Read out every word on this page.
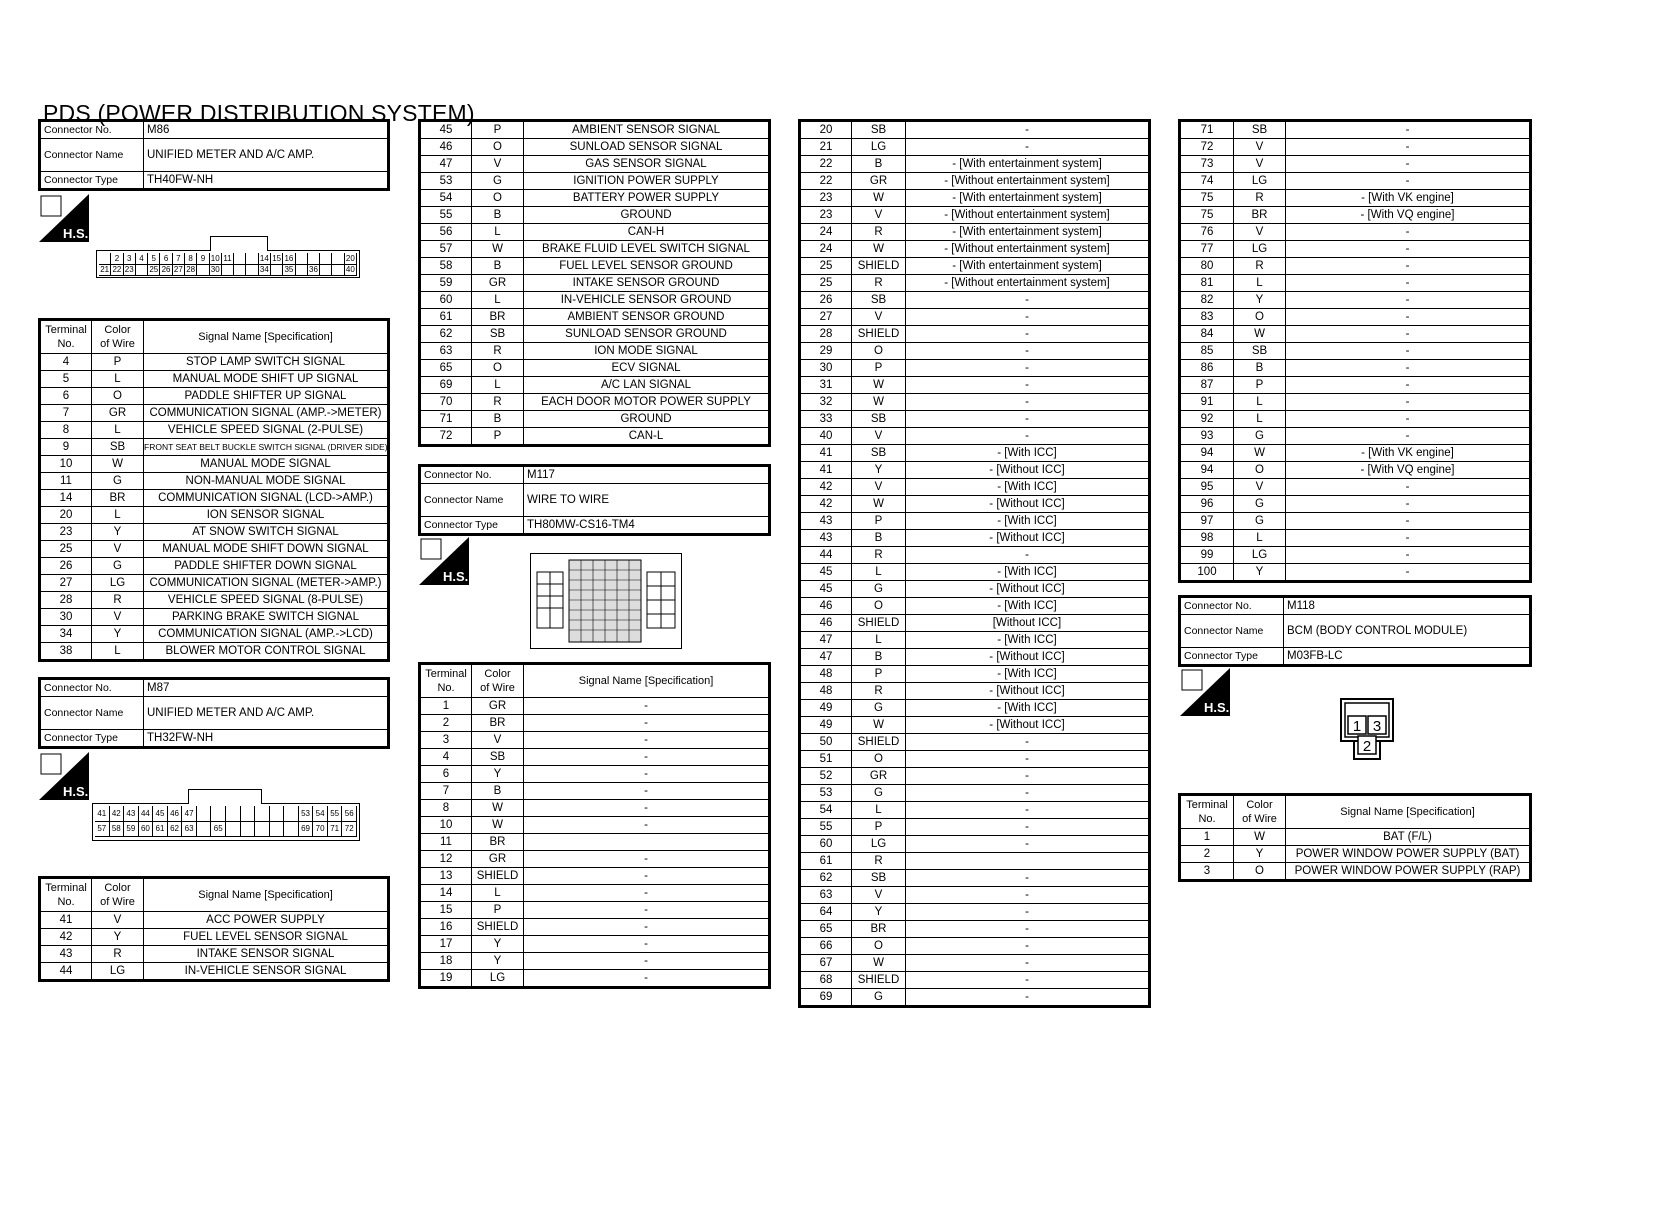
PDS (POWER DISTRIBUTION SYSTEM)
Connector No.	M86
Connector Name	UNIFIED METER AND A/C AMP.
Connector Type	TH40FW-NH
H.S.
2 3 4 5 6 7 8 9 10 11	14 15 16	20
21 22 23 25 26 27 28 30	34 35 36	40
Terminal
No.	Color
of Wire	Signal Name [Specification]
4	P	STOP LAMP SWITCH SIGNAL
5	L	MANUAL MODE SHIFT UP SIGNAL
6	O	PADDLE SHIFTER UP SIGNAL
7	GR	COMMUNICATION SIGNAL (AMP.->METER)
8	L	VEHICLE SPEED SIGNAL (2-PULSE)
9	SB	FRONT SEAT BELT BUCKLE SWITCH SIGNAL (DRIVER SIDE)
10	W	MANUAL MODE SIGNAL
11	G	NON-MANUAL MODE SIGNAL
14	BR	COMMUNICATION SIGNAL (LCD->AMP.)
20	L	ION SENSOR SIGNAL
23	Y	AT SNOW SWITCH SIGNAL
25	V	MANUAL MODE SHIFT DOWN SIGNAL
26	G	PADDLE SHIFTER DOWN SIGNAL
27	LG	COMMUNICATION SIGNAL (METER->AMP.)
28	R	VEHICLE SPEED SIGNAL (8-PULSE)
30	V	PARKING BRAKE SWITCH SIGNAL
34	Y	COMMUNICATION SIGNAL (AMP.->LCD)
38	L	BLOWER MOTOR CONTROL SIGNAL
Connector No.	M87
Connector Name	UNIFIED METER AND A/C AMP.
Connector Type	TH32FW-NH
H.S.
41 42 43 44 45 46 47	53 54 55 56
57 58 59 60 61 62 63	65	69 70 71 72
Terminal
No.	Color
of Wire	Signal Name [Specification]
41	V	ACC POWER SUPPLY
42	Y	FUEL LEVEL SENSOR SIGNAL
43	R	INTAKE SENSOR SIGNAL
44	LG	IN-VEHICLE SENSOR SIGNAL
45	P	AMBIENT SENSOR SIGNAL
46	O	SUNLOAD SENSOR SIGNAL
47	V	GAS SENSOR SIGNAL
53	G	IGNITION POWER SUPPLY
54	O	BATTERY POWER SUPPLY
55	B	GROUND
56	L	CAN-H
57	W	BRAKE FLUID LEVEL SWITCH SIGNAL
58	B	FUEL LEVEL SENSOR GROUND
59	GR	INTAKE SENSOR GROUND
60	L	IN-VEHICLE SENSOR GROUND
61	BR	AMBIENT SENSOR GROUND
62	SB	SUNLOAD SENSOR GROUND
63	R	ION MODE SIGNAL
65	O	ECV SIGNAL
69	L	A/C LAN SIGNAL
70	R	EACH DOOR MOTOR POWER SUPPLY
71	B	GROUND
72	P	CAN-L
Connector No.	M117
Connector Name	WIRE TO WIRE
Connector Type	TH80MW-CS16-TM4
H.S.
Terminal
No.	Color
of Wire	Signal Name [Specification]
1	GR	-
2	BR	-
3	V	-
4	SB	-
6	Y	-
7	B	-
8	W	-
10	W	-
11	BR	
12	GR	-
13	SHIELD	-
14	L	-
15	P	-
16	SHIELD	-
17	Y	-
18	Y	-
19	LG	-
20	SB	-
21	LG	-
22	B	- [With entertainment system]
22	GR	- [Without entertainment system]
23	W	- [With entertainment system]
23	V	- [Without entertainment system]
24	R	- [With entertainment system]
24	W	- [Without entertainment system]
25	SHIELD	- [With entertainment system]
25	R	- [Without entertainment system]
26	SB	-
27	V	-
28	SHIELD	-
29	O	-
30	P	-
31	W	-
32	W	-
33	SB	-
40	V	-
41	SB	- [With ICC]
41	Y	- [Without ICC]
42	V	- [With ICC]
42	W	- [Without ICC]
43	P	- [With ICC]
43	B	- [Without ICC]
44	R	-
45	L	- [With ICC]
45	G	- [Without ICC]
46	O	- [With ICC]
46	SHIELD	[Without ICC]
47	L	- [With ICC]
47	B	- [Without ICC]
48	P	- [With ICC]
48	R	- [Without ICC]
49	G	- [With ICC]
49	W	- [Without ICC]
50	SHIELD	-
51	O	-
52	GR	-
53	G	-
54	L	-
55	P	-
60	LG	-
61	R	
62	SB	-
63	V	-
64	Y	-
65	BR	-
66	O	-
67	W	-
68	SHIELD	-
69	G	-
71	SB	-
72	V	-
73	V	-
74	LG	-
75	R	- [With VK engine]
75	BR	- [With VQ engine]
76	V	-
77	LG	-
80	R	-
81	L	-
82	Y	-
83	O	-
84	W	-
85	SB	-
86	B	-
87	P	-
91	L	-
92	L	-
93	G	-
94	W	- [With VK engine]
94	O	- [With VQ engine]
95	V	-
96	G	-
97	G	-
98	L	-
99	LG	-
100	Y	-
Connector No.	M118
Connector Name	BCM (BODY CONTROL MODULE)
Connector Type	M03FB-LC
H.S.
1 3
2
Terminal
No.	Color
of Wire	Signal Name [Specification]
1	W	BAT (F/L)
2	Y	POWER WINDOW POWER SUPPLY (BAT)
3	O	POWER WINDOW POWER SUPPLY (RAP)
